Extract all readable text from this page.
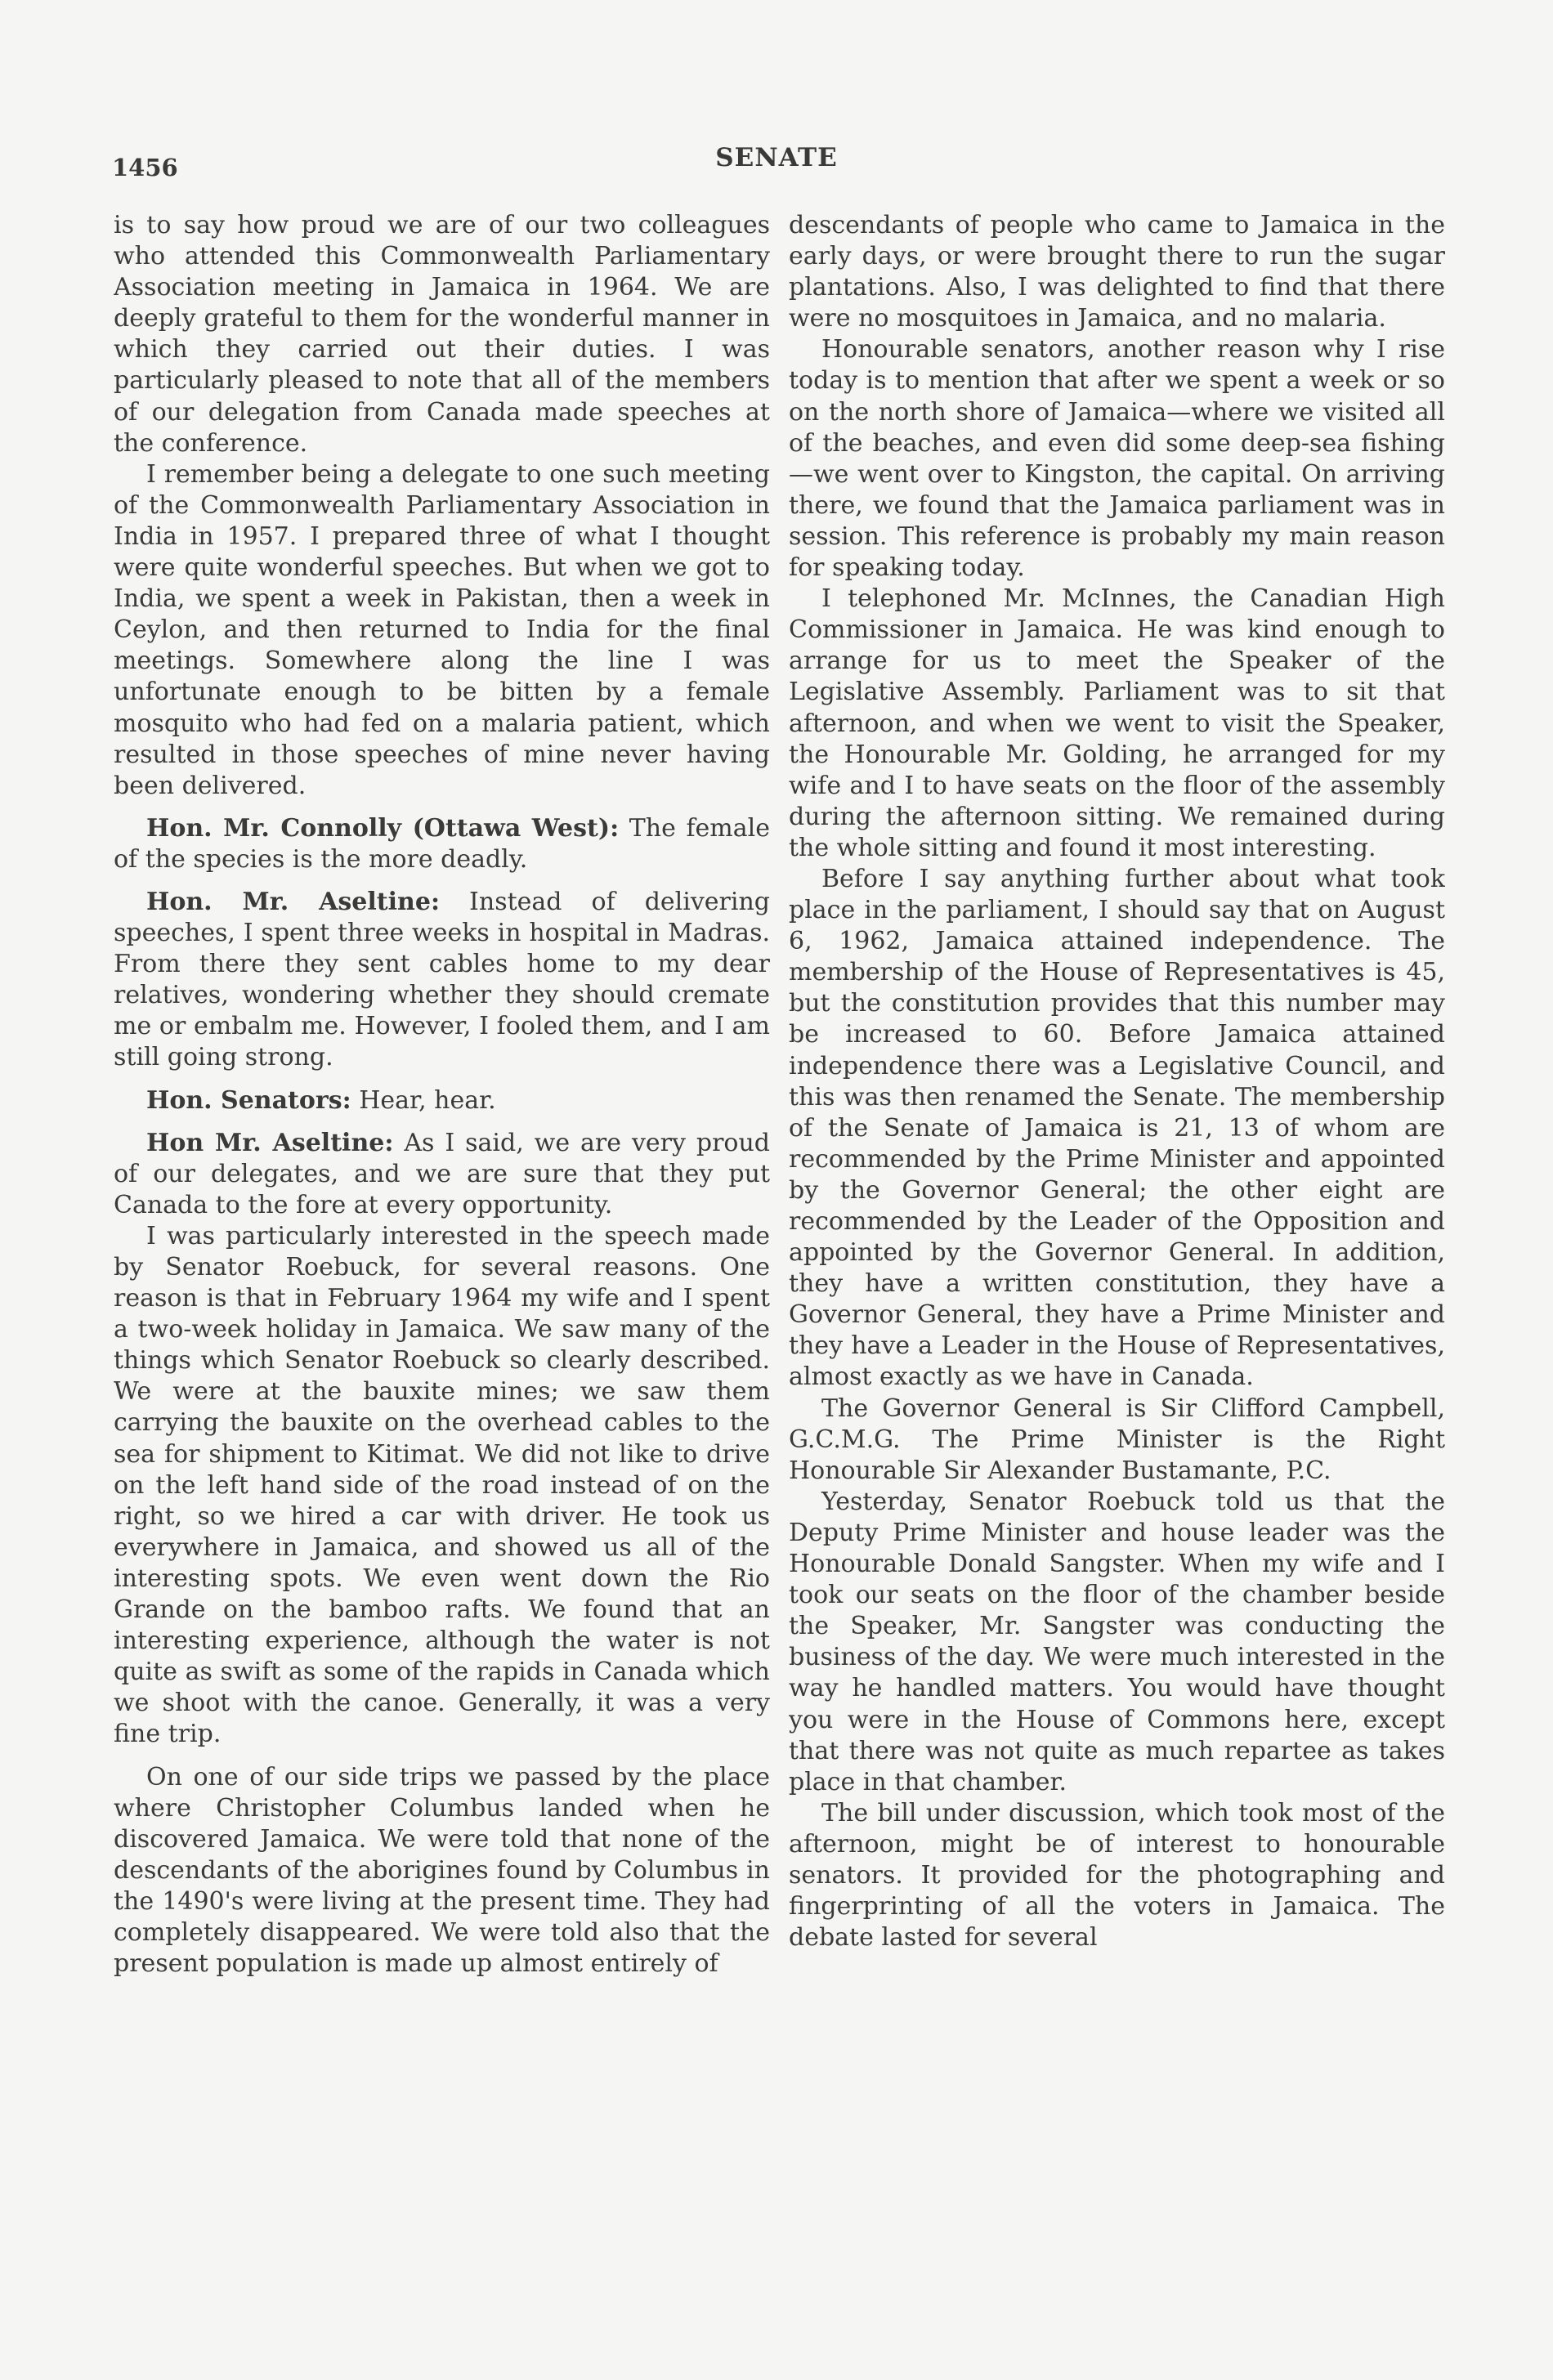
1456	SENATE

is to say how proud we are of our two colleagues who attended this Commonwealth Parliamentary Association meeting in Jamaica in 1964. We are deeply grateful to them for the wonderful manner in which they carried out their duties. I was particularly pleased to note that all of the members of our delegation from Canada made speeches at the conference.

I remember being a delegate to one such meeting of the Commonwealth Parliamentary Association in India in 1957. I prepared three of what I thought were quite wonderful speeches. But when we got to India, we spent a week in Pakistan, then a week in Ceylon, and then returned to India for the final meetings. Somewhere along the line I was unfortunate enough to be bitten by a female mosquito who had fed on a malaria patient, which resulted in those speeches of mine never having been delivered.

Hon. Mr. Connolly (Ottawa West): The female of the species is the more deadly.

Hon. Mr. Aseltine: Instead of delivering speeches, I spent three weeks in hospital in Madras. From there they sent cables home to my dear relatives, wondering whether they should cremate me or embalm me. However, I fooled them, and I am still going strong.

Hon. Senators: Hear, hear.

Hon Mr. Aseltine: As I said, we are very proud of our delegates, and we are sure that they put Canada to the fore at every opportunity.

I was particularly interested in the speech made by Senator Roebuck, for several reasons. One reason is that in February 1964 my wife and I spent a two-week holiday in Jamaica. We saw many of the things which Senator Roebuck so clearly described. We were at the bauxite mines; we saw them carrying the bauxite on the overhead cables to the sea for shipment to Kitimat. We did not like to drive on the left hand side of the road instead of on the right, so we hired a car with driver. He took us everywhere in Jamaica, and showed us all of the interesting spots. We even went down the Rio Grande on the bamboo rafts. We found that an interesting experience, although the water is not quite as swift as some of the rapids in Canada which we shoot with the canoe. Generally, it was a very fine trip.

On one of our side trips we passed by the place where Christopher Columbus landed when he discovered Jamaica. We were told that none of the descendants of the aborigines found by Columbus in the 1490's were living at the present time. They had completely disappeared. We were told also that the present population is made up almost entirely of

descendants of people who came to Jamaica in the early days, or were brought there to run the sugar plantations. Also, I was delighted to find that there were no mosquitoes in Jamaica, and no malaria.

Honourable senators, another reason why I rise today is to mention that after we spent a week or so on the north shore of Jamaica—where we visited all of the beaches, and even did some deep-sea fishing—we went over to Kingston, the capital. On arriving there, we found that the Jamaica parliament was in session. This reference is probably my main reason for speaking today.

I telephoned Mr. McInnes, the Canadian High Commissioner in Jamaica. He was kind enough to arrange for us to meet the Speaker of the Legislative Assembly. Parliament was to sit that afternoon, and when we went to visit the Speaker, the Honourable Mr. Golding, he arranged for my wife and I to have seats on the floor of the assembly during the afternoon sitting. We remained during the whole sitting and found it most interesting.

Before I say anything further about what took place in the parliament, I should say that on August 6, 1962, Jamaica attained independence. The membership of the House of Representatives is 45, but the constitution provides that this number may be increased to 60. Before Jamaica attained independence there was a Legislative Council, and this was then renamed the Senate. The membership of the Senate of Jamaica is 21, 13 of whom are recommended by the Prime Minister and appointed by the Governor General; the other eight are recommended by the Leader of the Opposition and appointed by the Governor General. In addition, they have a written constitution, they have a Governor General, they have a Prime Minister and they have a Leader in the House of Representatives, almost exactly as we have in Canada.

The Governor General is Sir Clifford Campbell, G.C.M.G. The Prime Minister is the Right Honourable Sir Alexander Bustamante, P.C.

Yesterday, Senator Roebuck told us that the Deputy Prime Minister and house leader was the Honourable Donald Sangster. When my wife and I took our seats on the floor of the chamber beside the Speaker, Mr. Sangster was conducting the business of the day. We were much interested in the way he handled matters. You would have thought you were in the House of Commons here, except that there was not quite as much repartee as takes place in that chamber.

The bill under discussion, which took most of the afternoon, might be of interest to honourable senators. It provided for the photographing and fingerprinting of all the voters in Jamaica. The debate lasted for several
